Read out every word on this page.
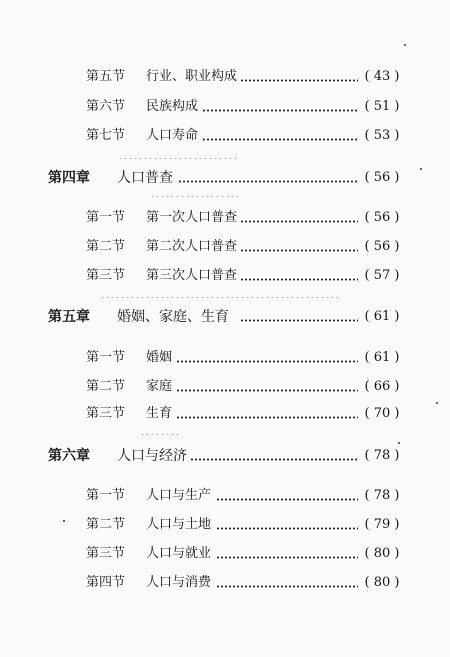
第五节 行业、职业构成	( 43 )
第六节 民族构成	( 51 )
第七节 人口寿命	( 53 )
第四章 人口普查	( 56 )
第一节 第一次人口普查	( 56 )
第二节 第二次人口普查	( 56 )
第三节 第三次人口普查	( 57 )
第五章 婚姻、家庭、生育	( 61 )
第一节 婚姻	( 61 )
第二节 家庭	( 66 )
第三节 生育	( 70 )
第六章 人口与经济	( 78 )
第一节 人口与生产	( 78 )
第二节 人口与土地	( 79 )
第三节 人口与就业	( 80 )
第四节 人口与消费	( 80 )
